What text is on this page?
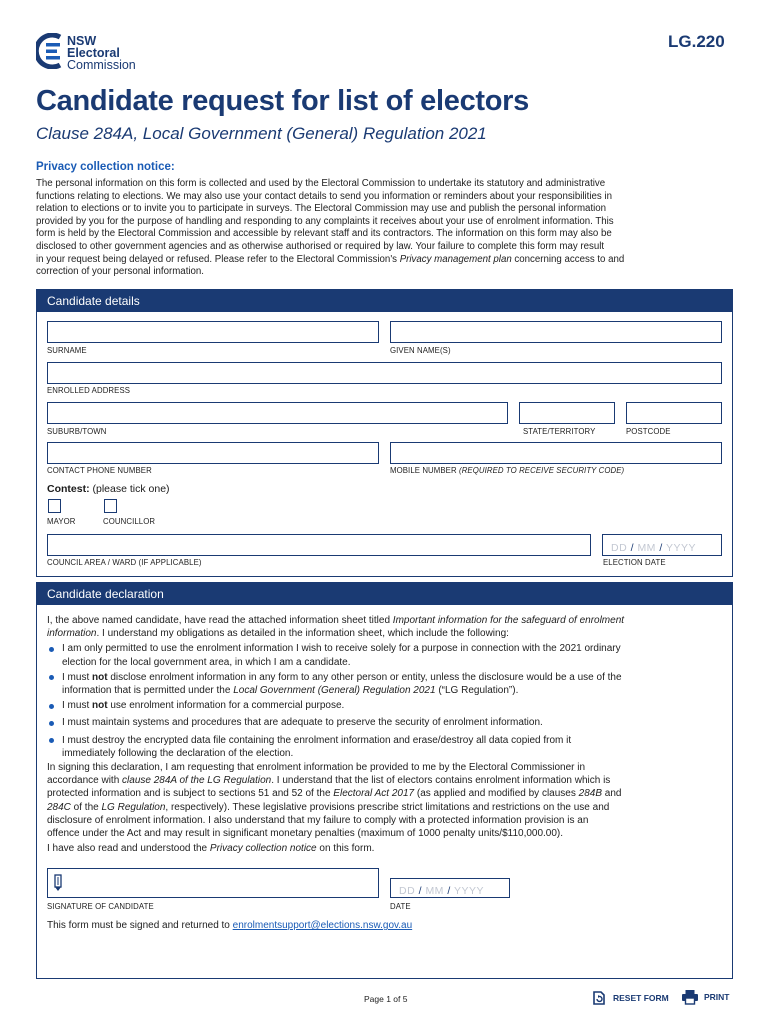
NSW
Electoral
Commission
LG.220
Candidate request for list of electors
Clause 284A, Local Government (General) Regulation 2021
Privacy collection notice:
The personal information on this form is collected and used by the Electoral Commission to undertake its statutory and administrative
functions relating to elections. We may also use your contact details to send you information or reminders about your responsibilities in
relation to elections or to invite you to participate in surveys. The Electoral Commission may use and publish the personal information
provided by you for the purpose of handling and responding to any complaints it receives about your use of enrolment information. This
form is held by the Electoral Commission and accessible by relevant staff and its contractors. The information on this form may also be
disclosed to other government agencies and as otherwise authorised or required by law. Your failure to complete this form may result
in your request being delayed or refused. Please refer to the Electoral Commission's Privacy management plan concerning access to and
correction of your personal information.
Candidate details
SURNAME	GIVEN NAME(S)
ENROLLED ADDRESS
SUBURB/TOWN	STATE/TERRITORY	POSTCODE
CONTACT PHONE NUMBER	MOBILE NUMBER (REQUIRED TO RECEIVE SECURITY CODE)
Contest: (please tick one)
MAYOR	COUNCILLOR
COUNCIL AREA / WARD (IF APPLICABLE)
DD / MM / YYYY
ELECTION DATE
Candidate declaration
I, the above named candidate, have read the attached information sheet titled Important information for the safeguard of enrolment
information. I understand my obligations as detailed in the information sheet, which include the following:
I am only permitted to use the enrolment information I wish to receive solely for a purpose in connection with the 2021 ordinary
election for the local government area, in which I am a candidate.
I must not disclose enrolment information in any form to any other person or entity, unless the disclosure would be a use of the
information that is permitted under the Local Government (General) Regulation 2021 (“LG Regulation”).
I must not use enrolment information for a commercial purpose.
I must maintain systems and procedures that are adequate to preserve the security of enrolment information.
I must destroy the encrypted data file containing the enrolment information and erase/destroy all data copied from it
immediately following the declaration of the election.
In signing this declaration, I am requesting that enrolment information be provided to me by the Electoral Commissioner in
accordance with clause 284A of the LG Regulation. I understand that the list of electors contains enrolment information which is
protected information and is subject to sections 51 and 52 of the Electoral Act 2017 (as applied and modified by clauses 284B and
284C of the LG Regulation, respectively). These legislative provisions prescribe strict limitations and restrictions on the use and
disclosure of enrolment information. I also understand that my failure to comply with a protected information provision is an
offence under the Act and may result in significant monetary penalties (maximum of 1000 penalty units/$110,000.00).
I have also read and understood the Privacy collection notice on this form.
SIGNATURE OF CANDIDATE
DD / MM / YYYY
DATE
This form must be signed and returned to enrolmentsupport@elections.nsw.gov.au
Page 1 of 5	RESET FORM	PRINT
